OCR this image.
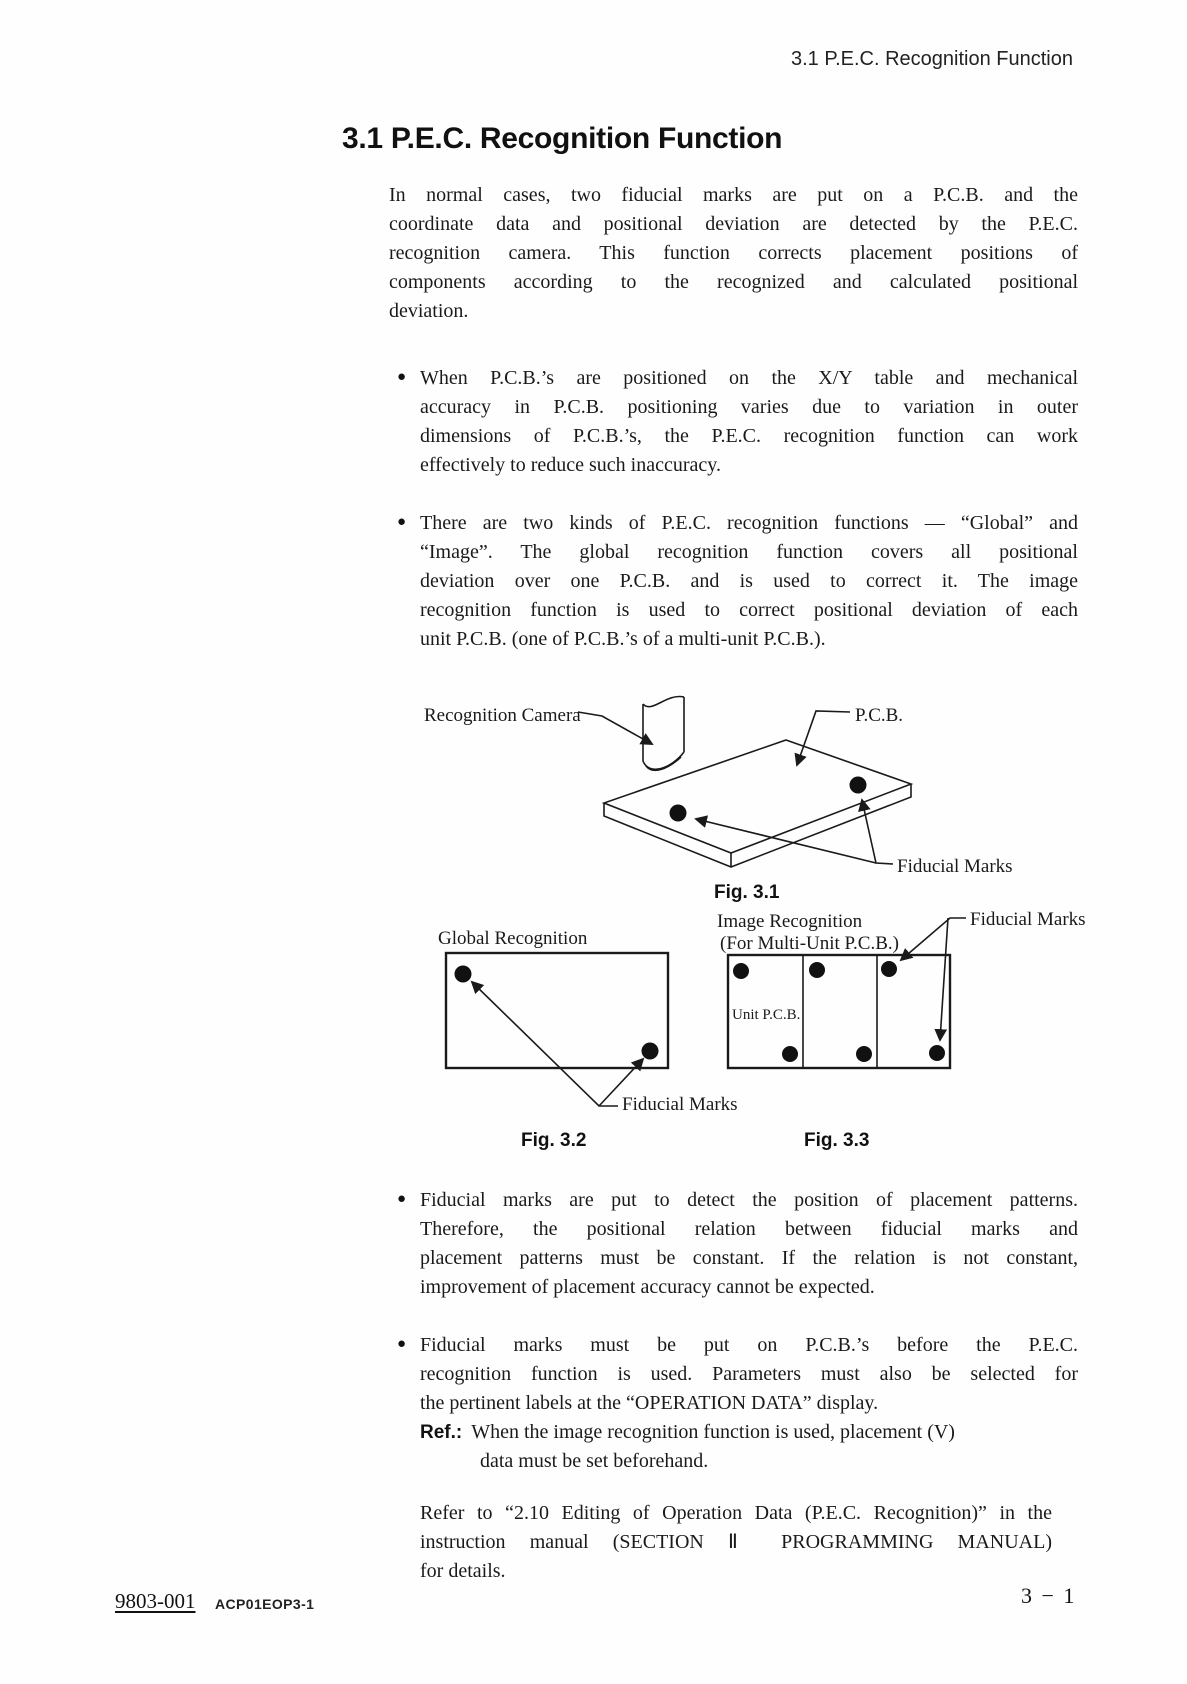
3.1 P.E.C. Recognition Function
3.1 P.E.C. Recognition Function
In normal cases, two fiducial marks are put on a P.C.B. and the
coordinate data and positional deviation are detected by the P.E.C.
recognition camera. This function corrects placement positions of
components according to the recognized and calculated positional
deviation.
● When P.C.B.’s are positioned on the X/Y table and mechanical
accuracy in P.C.B. positioning varies due to variation in outer
dimensions of P.C.B.’s, the P.E.C. recognition function can work
effectively to reduce such inaccuracy.
● There are two kinds of P.E.C. recognition functions — “Global” and
“Image”. The global recognition function covers all positional
deviation over one P.C.B. and is used to correct it. The image
recognition function is used to correct positional deviation of each
unit P.C.B. (one of P.C.B.’s of a multi-unit P.C.B.).
Recognition Camera	P.C.B.
Fiducial Marks
Fig. 3.1
Global Recognition
Fiducial Marks
Fig. 3.2
Image Recognition
(For Multi-Unit P.C.B.)
Unit P.C.B.
Fiducial Marks
Fig. 3.3
● Fiducial marks are put to detect the position of placement patterns.
Therefore, the positional relation between fiducial marks and
placement patterns must be constant. If the relation is not constant,
improvement of placement accuracy cannot be expected.
● Fiducial marks must be put on P.C.B.’s before the P.E.C.
recognition function is used. Parameters must also be selected for
the pertinent labels at the “OPERATION DATA” display.
Ref.: When the image recognition function is used, placement (V)
data must be set beforehand.
Refer to “2.10 Editing of Operation Data (P.E.C. Recognition)” in the
instruction manual (SECTION Ⅱ PROGRAMMING MANUAL)
for details.
9803-001 ACP01EOP3-1	3 − 1
